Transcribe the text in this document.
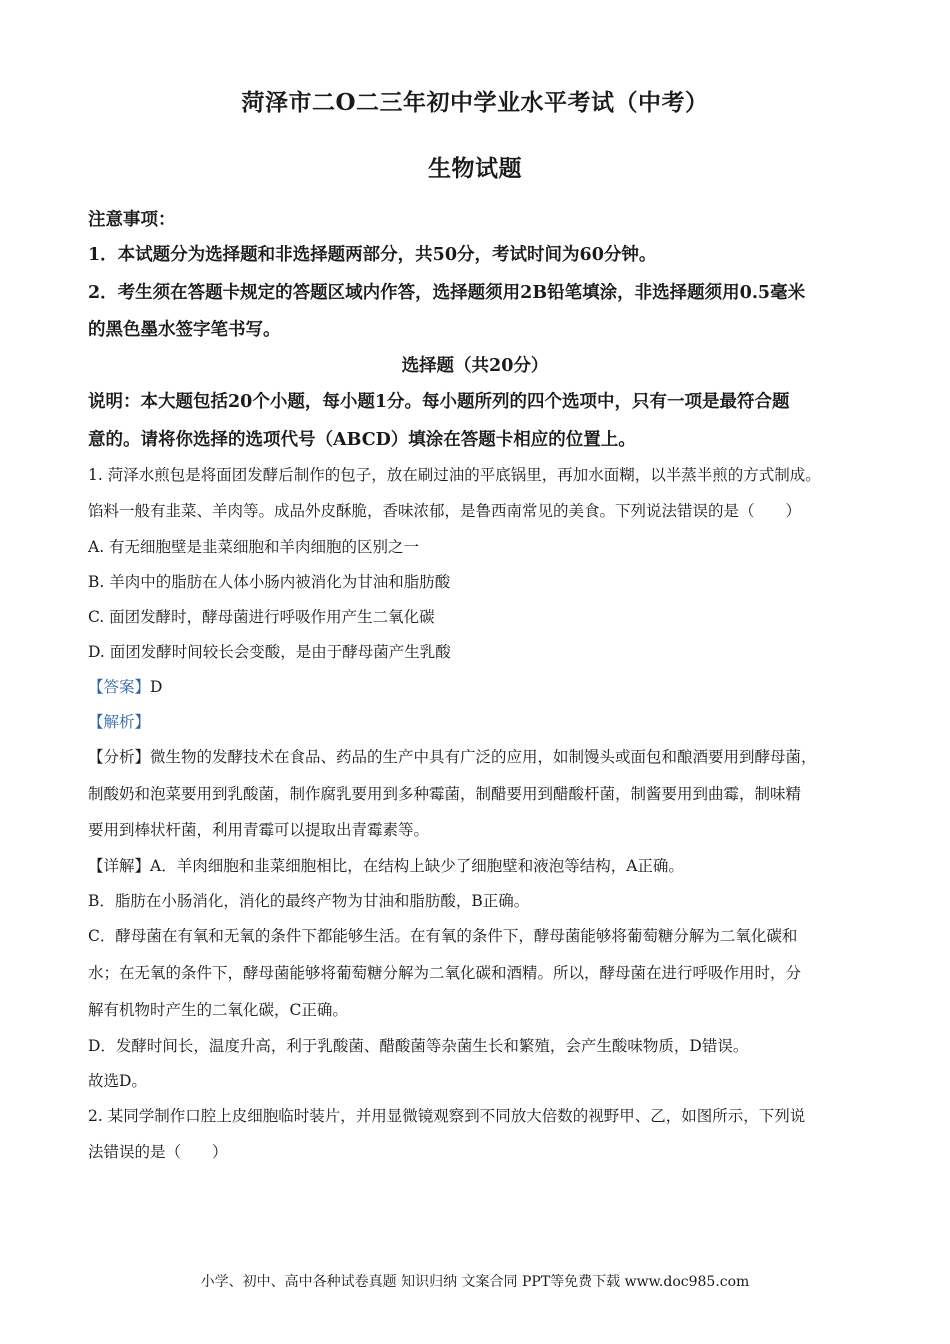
菏泽市二O二三年初中学业水平考试（中考）
生物试题
注意事项：
1．本试题分为选择题和非选择题两部分，共50分，考试时间为60分钟。
2．考生须在答题卡规定的答题区域内作答，选择题须用2B铅笔填涂，非选择题须用0.5毫米
的黑色墨水签字笔书写。
选择题（共20分）
说明：本大题包括20个小题，每小题1分。每小题所列的四个选项中，只有一项是最符合题
意的。请将你选择的选项代号（ABCD）填涂在答题卡相应的位置上。
1. 菏泽水煎包是将面团发酵后制作的包子，放在刷过油的平底锅里，再加水面糊，以半蒸半煎的方式制成。
馅料一般有韭菜、羊肉等。成品外皮酥脆，香味浓郁，是鲁西南常见的美食。下列说法错误的是（　　）
A. 有无细胞壁是韭菜细胞和羊肉细胞的区别之一
B. 羊肉中的脂肪在人体小肠内被消化为甘油和脂肪酸
C. 面团发酵时，酵母菌进行呼吸作用产生二氧化碳
D. 面团发酵时间较长会变酸，是由于酵母菌产生乳酸
【答案】D
【解析】
【分析】微生物的发酵技术在食品、药品的生产中具有广泛的应用，如制馒头或面包和酿酒要用到酵母菌，
制酸奶和泡菜要用到乳酸菌，制作腐乳要用到多种霉菌，制醋要用到醋酸杆菌，制酱要用到曲霉，制味精
要用到棒状杆菌，利用青霉可以提取出青霉素等。
【详解】A．羊肉细胞和韭菜细胞相比，在结构上缺少了细胞壁和液泡等结构，A正确。
B．脂肪在小肠消化，消化的最终产物为甘油和脂肪酸，B正确。
C．酵母菌在有氧和无氧的条件下都能够生活。在有氧的条件下，酵母菌能够将葡萄糖分解为二氧化碳和
水；在无氧的条件下，酵母菌能够将葡萄糖分解为二氧化碳和酒精。所以，酵母菌在进行呼吸作用时，分
解有机物时产生的二氧化碳，C正确。
D．发酵时间长，温度升高，利于乳酸菌、醋酸菌等杂菌生长和繁殖，会产生酸味物质，D错误。
故选D。
2. 某同学制作口腔上皮细胞临时装片，并用显微镜观察到不同放大倍数的视野甲、乙，如图所示，下列说
法错误的是（　　）
小学、初中、高中各种试卷真题 知识归纳 文案合同 PPT等免费下载 www.doc985.com
